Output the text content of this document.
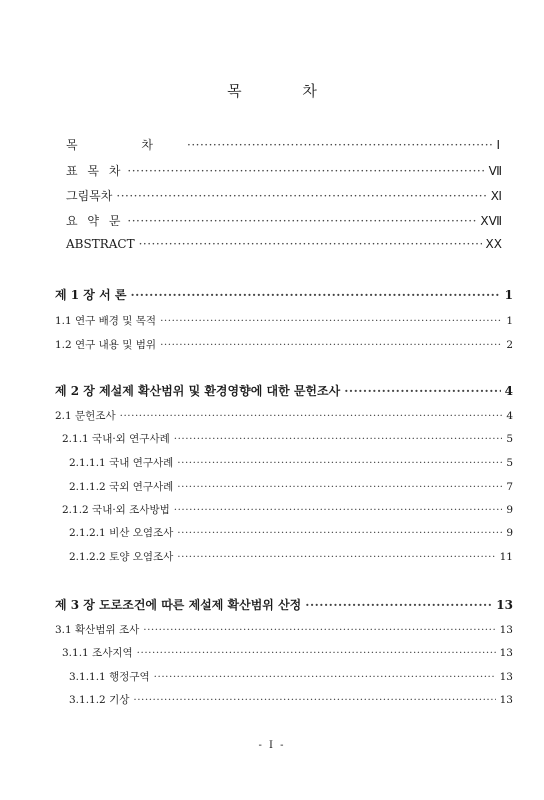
목 차
목 차 ·····	Ⅰ
표 목 차 ·····	Ⅶ
그림목차 ·····	Ⅺ
요 약 문 ·····	ⅩⅦ
ABSTRACT ·····	ⅩⅩ
제 1 장 서 론 ·····	1
1.1 연구 배경 및 목적 ·····	1
1.2 연구 내용 및 범위 ·····	2
제 2 장 제설제 확산범위 및 환경영향에 대한 문헌조사 ·····	4
2.1 문헌조사 ·····	4
2.1.1 국내·외 연구사례 ·····	5
2.1.1.1 국내 연구사례 ·····	5
2.1.1.2 국외 연구사례 ·····	7
2.1.2 국내·외 조사방법 ·····	9
2.1.2.1 비산 오염조사 ·····	9
2.1.2.2 토양 오염조사 ·····	11
제 3 장 도로조건에 따른 제설제 확산범위 산정 ·····	13
3.1 확산범위 조사 ·····	13
3.1.1 조사지역 ·····	13
3.1.1.1 행정구역 ·····	13
3.1.1.2 기상 ·····	13
- Ⅰ -
